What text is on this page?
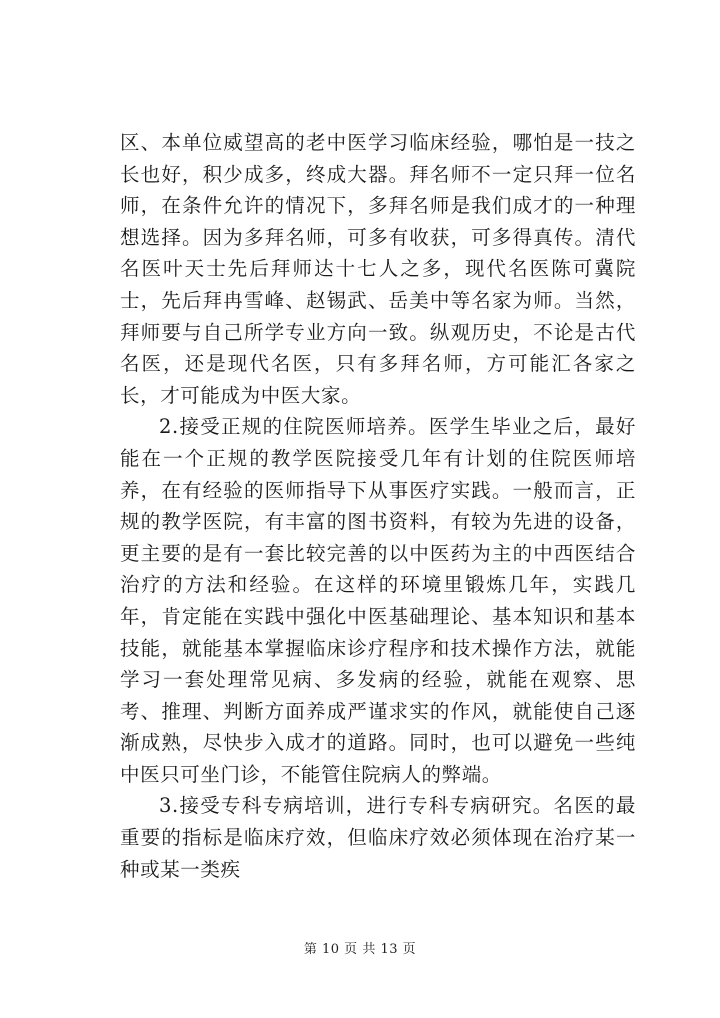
区、本单位威望高的老中医学习临床经验，哪怕是一技之长也好，积少成多，终成大器。拜名师不一定只拜一位名师，在条件允许的情况下，多拜名师是我们成才的一种理想选择。因为多拜名师，可多有收获，可多得真传。清代名医叶天士先后拜师达十七人之多，现代名医陈可冀院士，先后拜冉雪峰、赵锡武、岳美中等名家为师。当然，拜师要与自己所学专业方向一致。纵观历史，不论是古代名医，还是现代名医，只有多拜名师，方可能汇各家之长，才可能成为中医大家。

2.接受正规的住院医师培养。医学生毕业之后，最好能在一个正规的教学医院接受几年有计划的住院医师培养，在有经验的医师指导下从事医疗实践。一般而言，正规的教学医院，有丰富的图书资料，有较为先进的设备，更主要的是有一套比较完善的以中医药为主的中西医结合治疗的方法和经验。在这样的环境里锻炼几年，实践几年，肯定能在实践中强化中医基础理论、基本知识和基本技能，就能基本掌握临床诊疗程序和技术操作方法，就能学习一套处理常见病、多发病的经验，就能在观察、思考、推理、判断方面养成严谨求实的作风，就能使自己逐渐成熟，尽快步入成才的道路。同时，也可以避免一些纯中医只可坐门诊，不能管住院病人的弊端。

3.接受专科专病培训，进行专科专病研究。名医的最重要的指标是临床疗效，但临床疗效必须体现在治疗某一种或某一类疾

第 10 页 共 13 页
